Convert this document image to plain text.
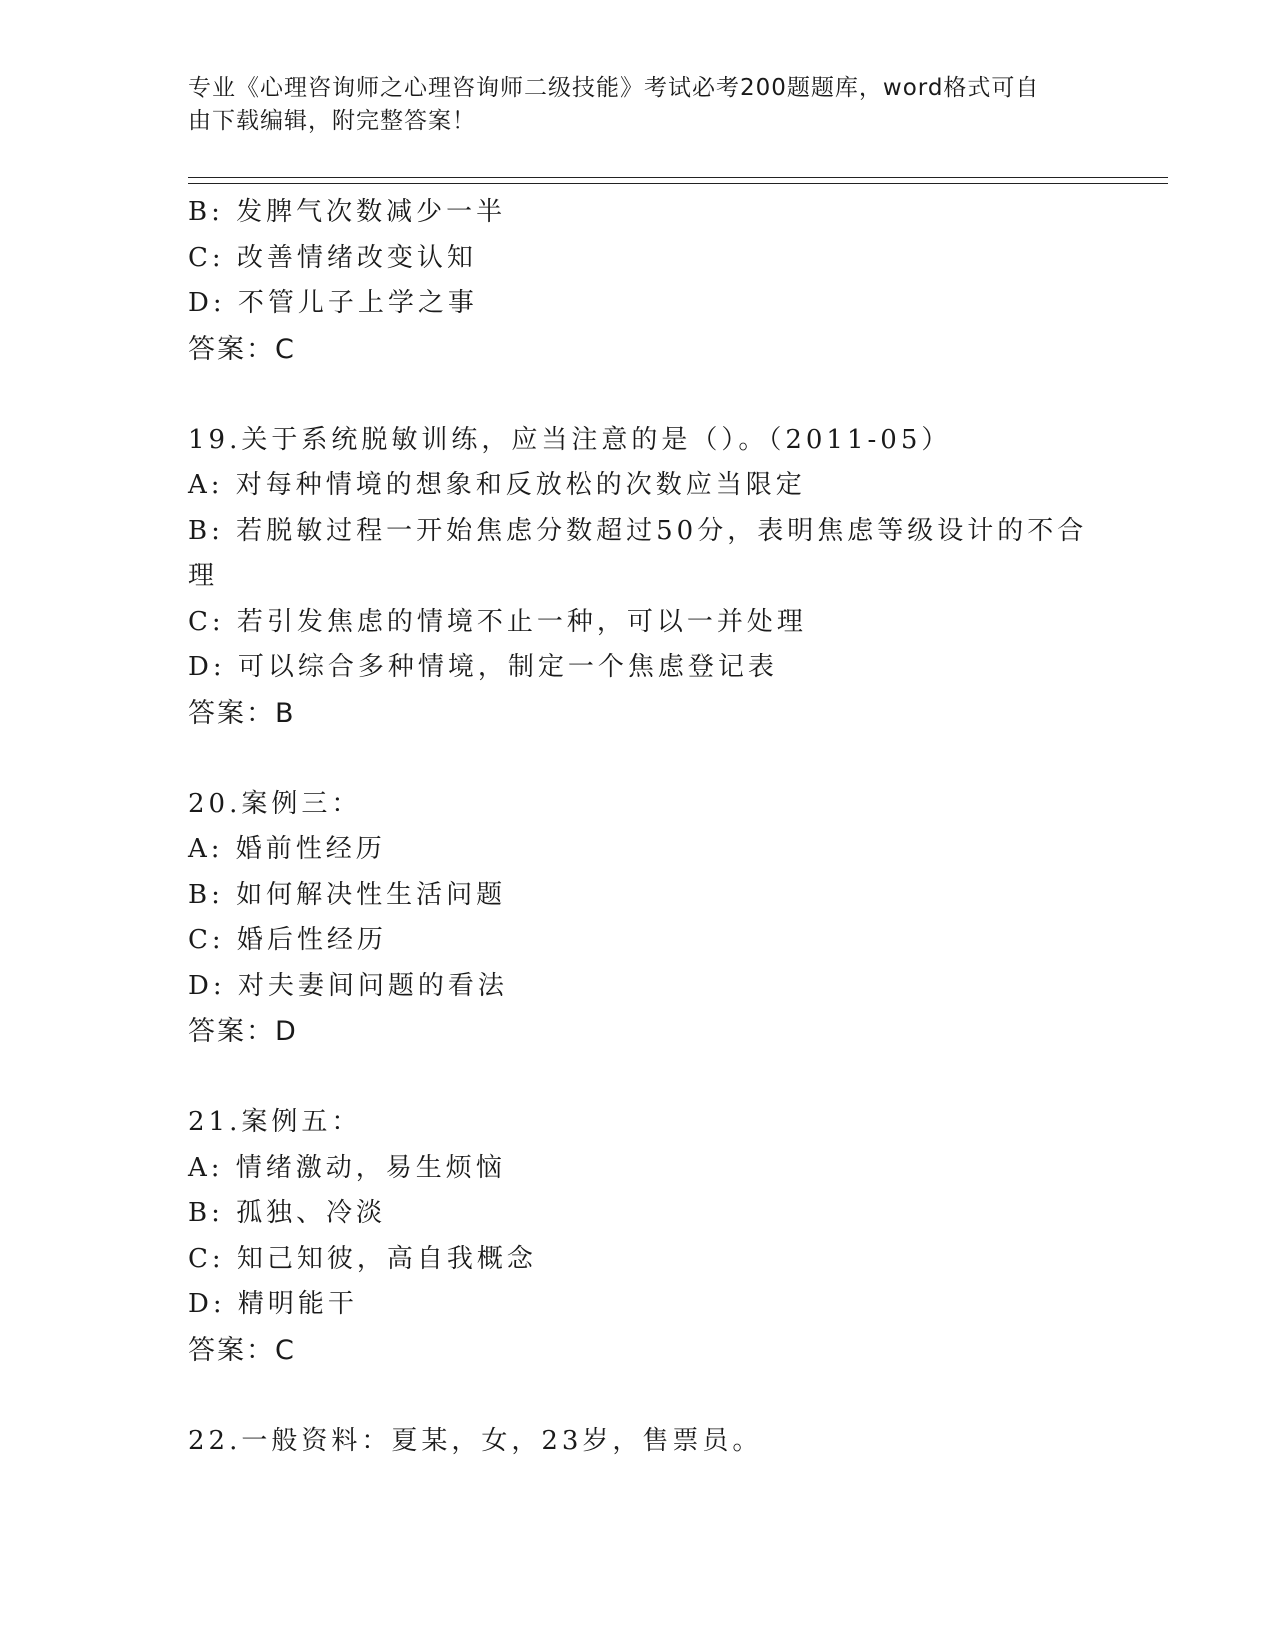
专业《心理咨询师之心理咨询师二级技能》考试必考200题题库，word格式可自
由下载编辑，附完整答案！
B: 发脾气次数减少一半
C: 改善情绪改变认知
D: 不管儿子上学之事
答案：C
19.关于系统脱敏训练，应当注意的是（）。（2011-05）
A: 对每种情境的想象和反放松的次数应当限定
B: 若脱敏过程一开始焦虑分数超过50分，表明焦虑等级设计的不合
理
C: 若引发焦虑的情境不止一种，可以一并处理
D: 可以综合多种情境，制定一个焦虑登记表
答案：B
20.案例三：
A: 婚前性经历
B: 如何解决性生活问题
C: 婚后性经历
D: 对夫妻间问题的看法
答案：D
21.案例五：
A: 情绪激动，易生烦恼
B: 孤独、冷淡
C: 知己知彼，高自我概念
D: 精明能干
答案：C
22.一般资料：夏某，女，23岁，售票员。
